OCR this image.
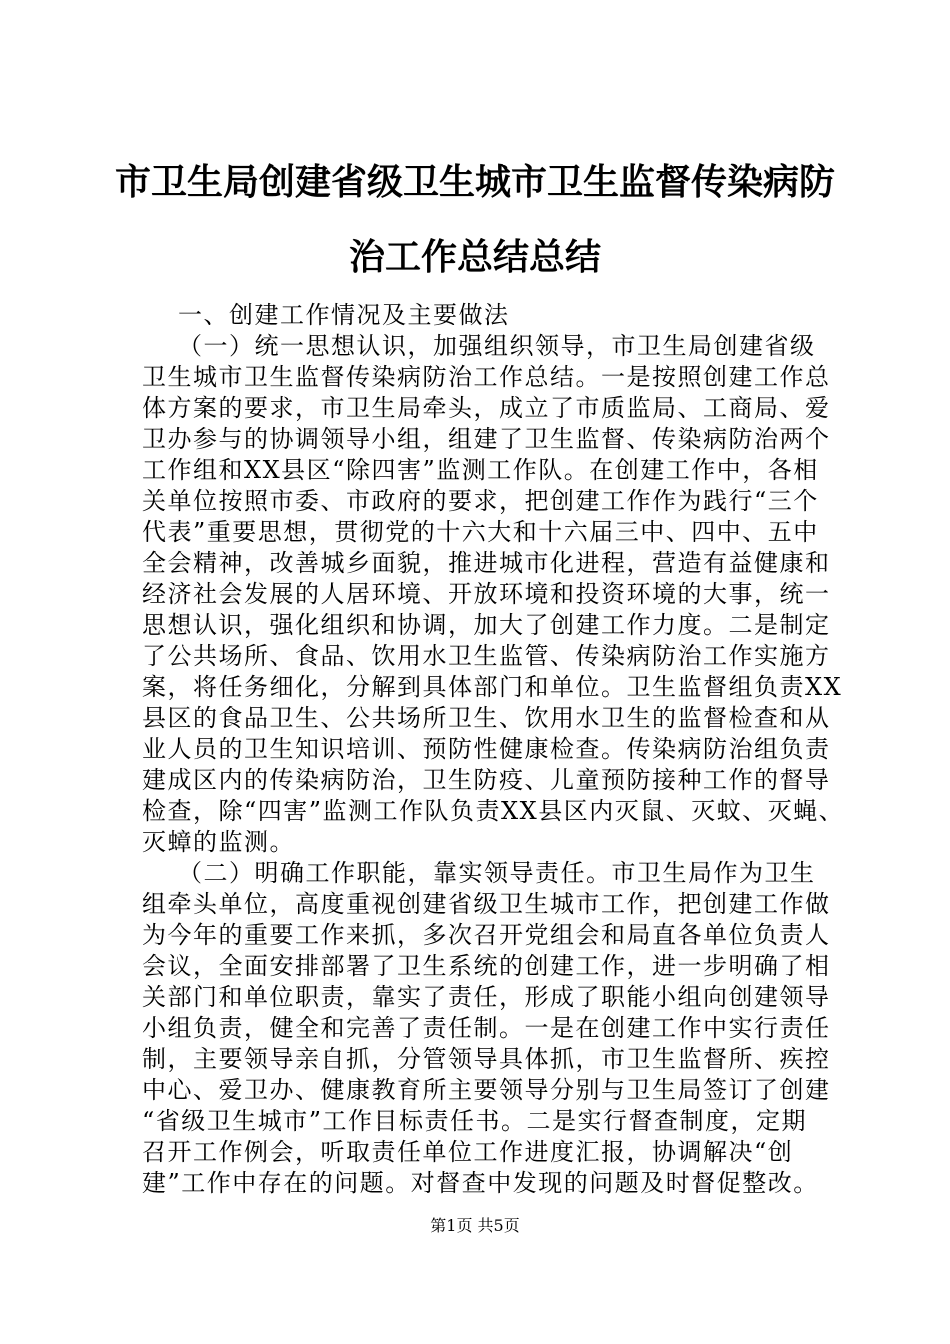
市卫生局创建省级卫生城市卫生监督传染病防
治工作总结总结
一、创建工作情况及主要做法
（一）统一思想认识，加强组织领导，市卫生局创建省级
卫生城市卫生监督传染病防治工作总结。一是按照创建工作总
体方案的要求，市卫生局牵头，成立了市质监局、工商局、爱
卫办参与的协调领导小组，组建了卫生监督、传染病防治两个
工作组和XX县区“除四害”监测工作队。在创建工作中，各相
关单位按照市委、市政府的要求，把创建工作作为践行“三个
代表”重要思想，贯彻党的十六大和十六届三中、四中、五中
全会精神，改善城乡面貌，推进城市化进程，营造有益健康和
经济社会发展的人居环境、开放环境和投资环境的大事，统一
思想认识，强化组织和协调，加大了创建工作力度。二是制定
了公共场所、食品、饮用水卫生监管、传染病防治工作实施方
案，将任务细化，分解到具体部门和单位。卫生监督组负责XX
县区的食品卫生、公共场所卫生、饮用水卫生的监督检查和从
业人员的卫生知识培训、预防性健康检查。传染病防治组负责
建成区内的传染病防治，卫生防疫、儿童预防接种工作的督导
检查，除“四害”监测工作队负责XX县区内灭鼠、灭蚊、灭蝇、
灭蟑的监测。
（二）明确工作职能，靠实领导责任。市卫生局作为卫生
组牵头单位，高度重视创建省级卫生城市工作，把创建工作做
为今年的重要工作来抓，多次召开党组会和局直各单位负责人
会议，全面安排部署了卫生系统的创建工作，进一步明确了相
关部门和单位职责，靠实了责任，形成了职能小组向创建领导
小组负责，健全和完善了责任制。一是在创建工作中实行责任
制，主要领导亲自抓，分管领导具体抓，市卫生监督所、疾控
中心、爱卫办、健康教育所主要领导分别与卫生局签订了创建
“省级卫生城市”工作目标责任书。二是实行督查制度，定期
召开工作例会，听取责任单位工作进度汇报，协调解决“创
建”工作中存在的问题。对督查中发现的问题及时督促整改。
第1页 共5页
